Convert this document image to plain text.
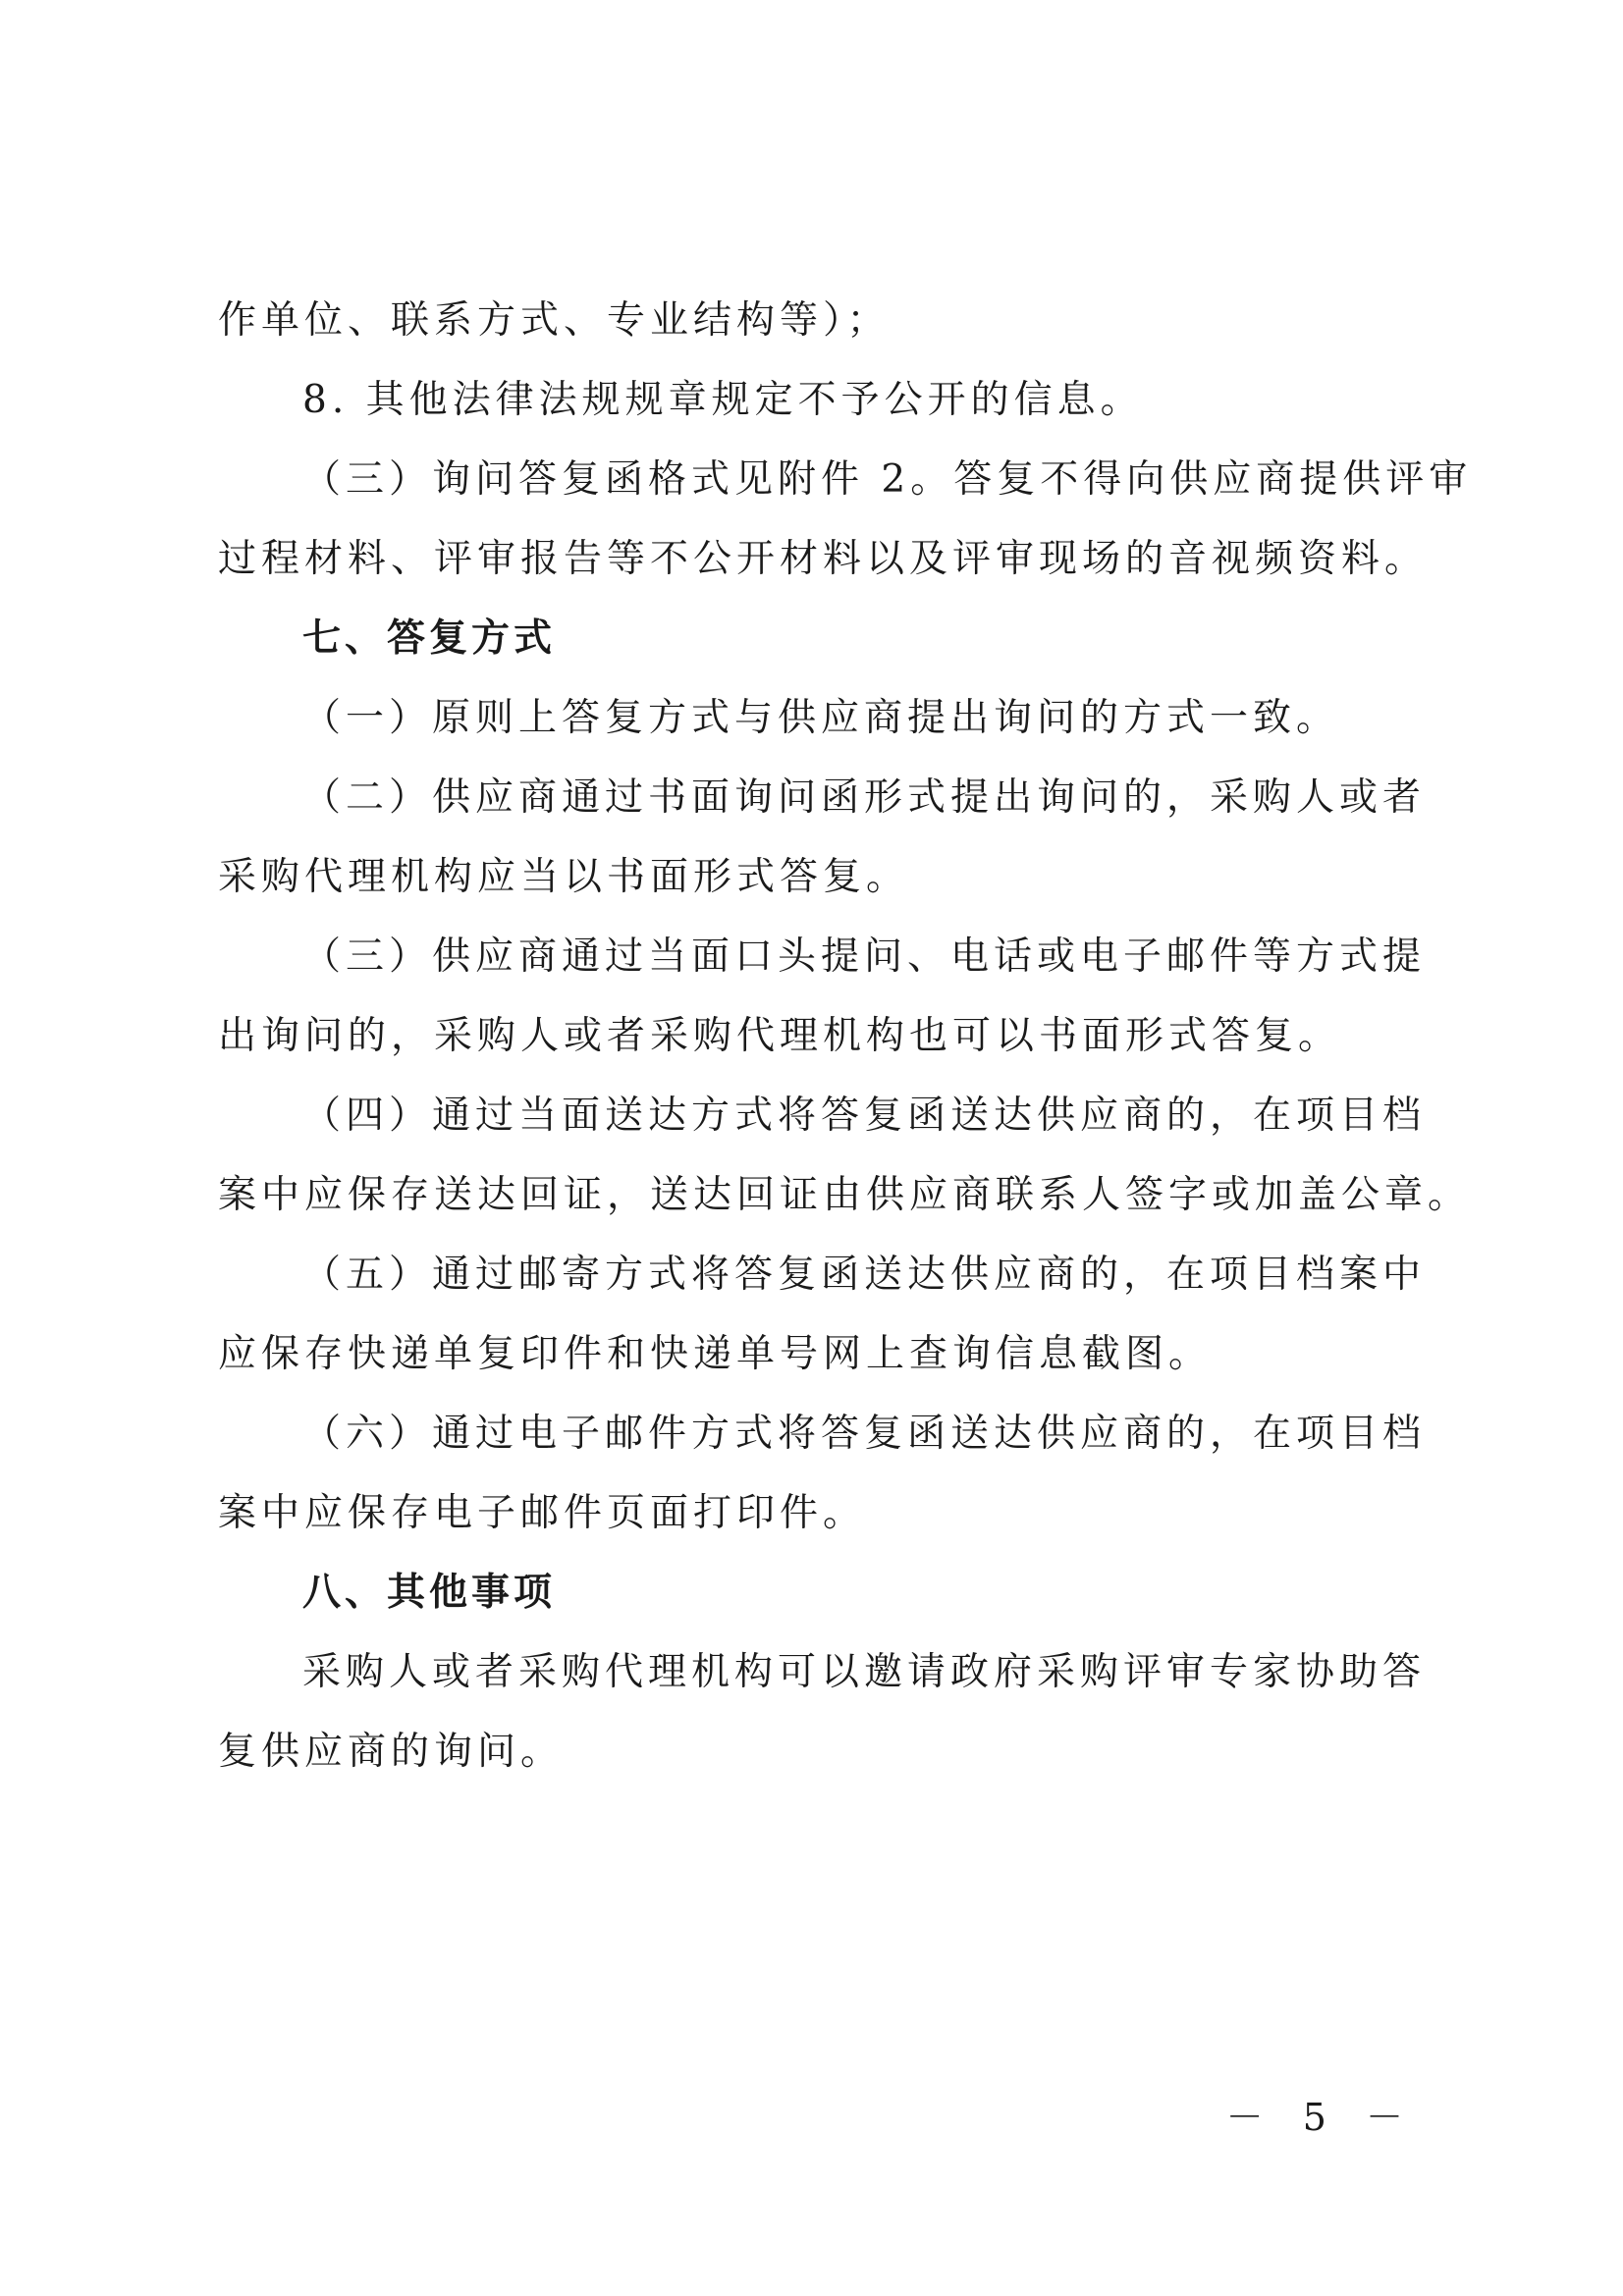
作单位、联系方式、专业结构等）；
8. 其他法律法规规章规定不予公开的信息。
（三）询问答复函格式见附件 2。答复不得向供应商提供评审
过程材料、评审报告等不公开材料以及评审现场的音视频资料。
七、答复方式
（一）原则上答复方式与供应商提出询问的方式一致。
（二）供应商通过书面询问函形式提出询问的，采购人或者
采购代理机构应当以书面形式答复。
（三）供应商通过当面口头提问、电话或电子邮件等方式提
出询问的，采购人或者采购代理机构也可以书面形式答复。
（四）通过当面送达方式将答复函送达供应商的，在项目档
案中应保存送达回证，送达回证由供应商联系人签字或加盖公章。
（五）通过邮寄方式将答复函送达供应商的，在项目档案中
应保存快递单复印件和快递单号网上查询信息截图。
（六）通过电子邮件方式将答复函送达供应商的，在项目档
案中应保存电子邮件页面打印件。
八、其他事项
采购人或者采购代理机构可以邀请政府采购评审专家协助答
复供应商的询问。
－ 5 －
